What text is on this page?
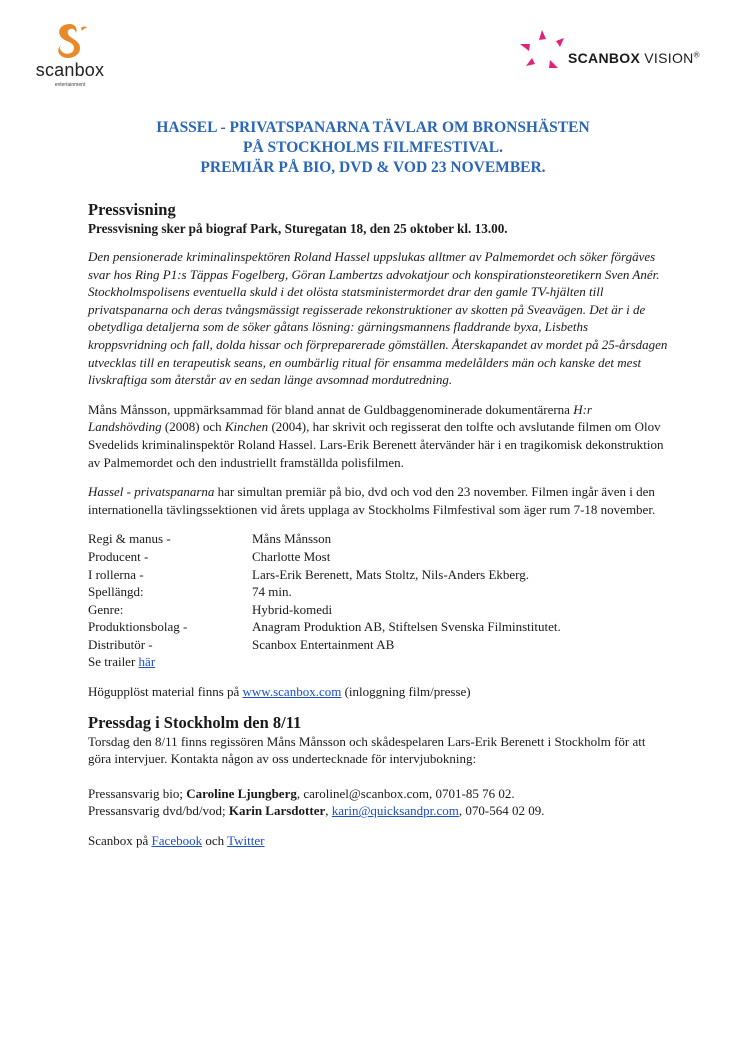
scanbox
entertainment
SCANBOX VISION®
HASSEL - PRIVATSPANARNA TÄVLAR OM BRONSHÄSTEN
PÅ STOCKHOLMS FILMFESTIVAL.
PREMIÄR PÅ BIO, DVD & VOD 23 NOVEMBER.
Pressvisning
Pressvisning sker på biograf Park, Sturegatan 18, den 25 oktober kl. 13.00.
Den pensionerade kriminalinspektören Roland Hassel uppslukas alltmer av Palmemordet och söker förgäves svar hos Ring P1:s Täppas Fogelberg, Göran Lambertzs advokatjour och konspirationsteoretikern Sven Anér. Stockholmspolisens eventuella skuld i det olösta statsministermordet drar den gamle TV-hjälten till privatspanarna och deras tvångsmässigt regisserade rekonstruktioner av skotten på Sveavägen. Det är i de obetydliga detaljerna som de söker gåtans lösning: gärningsmannens fladdrande byxa, Lisbeths kroppsvridning och fall, dolda hissar och förpreparerade gömställen. Återskapandet av mordet på 25-årsdagen utvecklas till en terapeutisk seans, en oumbärlig ritual för ensamma medelålders män och kanske det mest livskraftiga som återstår av en sedan länge avsomnad mordutredning.
Måns Månsson, uppmärksammad för bland annat de Guldbaggenominerade dokumentärerna H:r Landshövding (2008) och Kinchen (2004), har skrivit och regisserat den tolfte och avslutande filmen om Olov Svedelids kriminalinspektör Roland Hassel. Lars-Erik Berenett återvänder här i en tragikomisk dekonstruktion av Palmemordet och den industriellt framställda polisfilmen.
Hassel - privatspanarna har simultan premiär på bio, dvd och vod den 23 november. Filmen ingår även i den internationella tävlingssektionen vid årets upplaga av Stockholms Filmfestival som äger rum 7-18 november.
Regi & manus -	Måns Månsson
Producent -	Charlotte Most
I rollerna -	Lars-Erik Berenett, Mats Stoltz, Nils-Anders Ekberg.
Spellängd:	74 min.
Genre:	Hybrid-komedi
Produktionsbolag -	Anagram Produktion AB, Stiftelsen Svenska Filminstitutet.
Distributör -	Scanbox Entertainment AB
Se trailer här
Högupplöst material finns på www.scanbox.com (inloggning film/presse)
Pressdag i Stockholm den 8/11
Torsdag den 8/11 finns regissören Måns Månsson och skådespelaren Lars-Erik Berenett i Stockholm för att göra intervjuer. Kontakta någon av oss undertecknade för intervjubokning:
Pressansvarig bio; Caroline Ljungberg, carolinel@scanbox.com, 0701-85 76 02.
Pressansvarig dvd/bd/vod; Karin Larsdotter, karin@quicksandpr.com, 070-564 02 09.
Scanbox på Facebook och Twitter
